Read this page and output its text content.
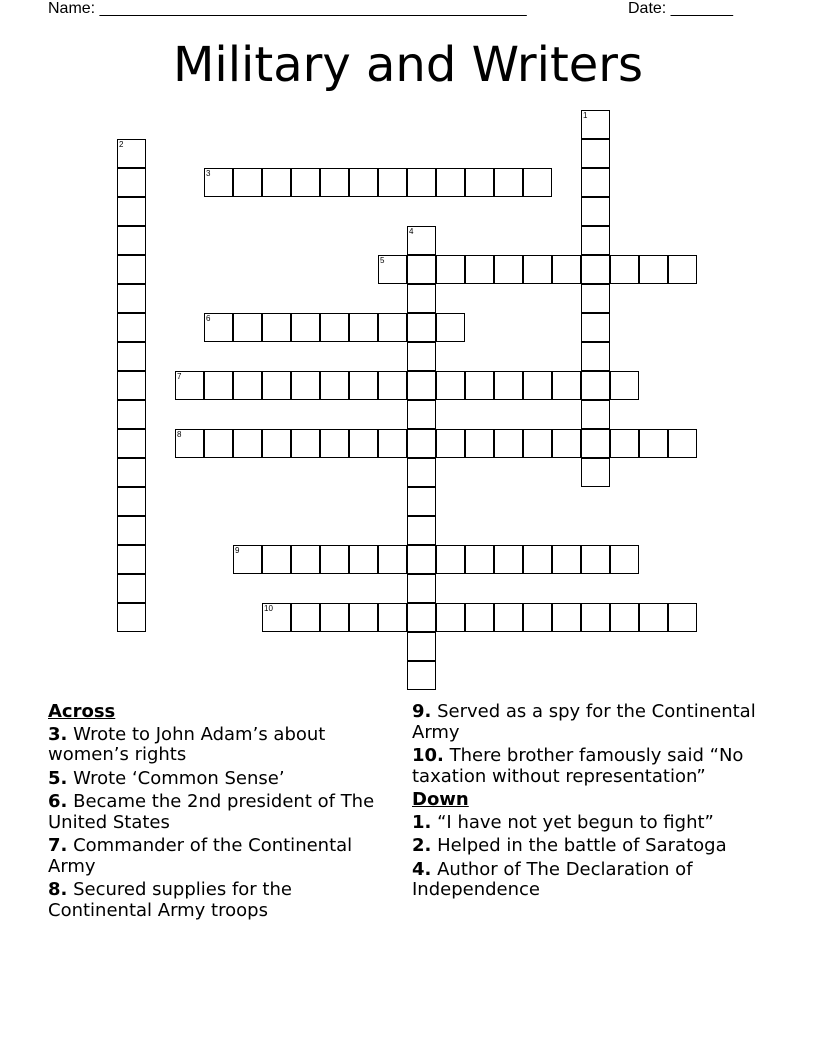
Name: ________________________________________________	Date: _______
Military and Writers
1
2
3
4
5
6
7
8
9
10
Across
3. Wrote to John Adam’s about women’s rights
5. Wrote ‘Common Sense’
6. Became the 2nd president of The United States
7. Commander of the Continental Army
8. Secured supplies for the Continental Army troops
9. Served as a spy for the Continental Army
10. There brother famously said “No taxation without representation”
Down
1. “I have not yet begun to fight”
2. Helped in the battle of Saratoga
4. Author of The Declaration of Independence
